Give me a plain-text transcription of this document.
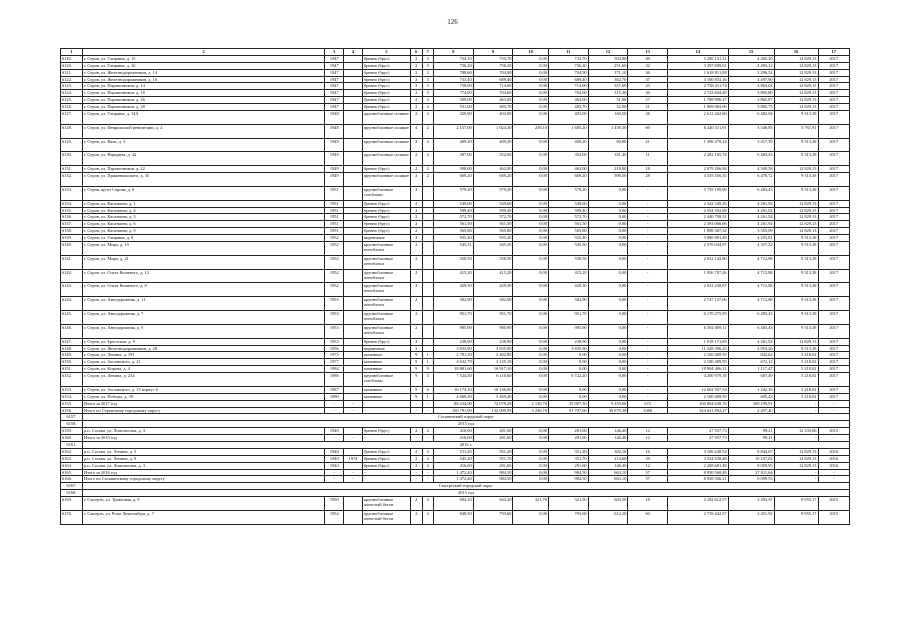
126
1	2	3	4	5	6	7	8	9	10	11	12	13	14	15	16	17
6119.	г. Серов, ул. Гагарина, д. 15	1947		бревно (брус)	2	3	754,10	733,70	0,00	733,70	504,90	49	3 298 131,31	4 495,20	12 829,13	2017
6120.	г. Серов, ул. Гагарина, д. 16	1947		бревно (брус)	2	3	756,20	756,20	0,00	756,20	251,60	32	3 397 699,01	4 493,12	12 829,13	2017
6121.	г. Серов, ул. Железнодорожников, д. 14	1947		бревно (брус)	2	2	788,60	704,90	0,00	704,90	171,10	36	1 618 811,88	2 296,52	12 829,13	2017
6122.	г. Серов, ул. Железнодорожников, д. 16	1947		бревно (брус)	2	3	733,40	689,40	0,00	689,40	362,70	37	3 100 853,16	4 497,90	12 829,13	2017
6123.	г. Серов, ул. Паровозников, д. 14	1947		бревно (брус)	2	3	758,00	714,00	0,00	714,00	357,60	23	2 758 211,74	3 863,04	12 829,13	2017
6124.	г. Серов, ул. Паровозников, д. 18	1947		бревно (брус)	2	3	774,00	704,60	0,00	704,60	315,30	30	2 723 844,48	3 865,80	12 829,13	2017
6125.	г. Серов, ул. Паровозников, д. 26	1947		бревно (брус)	2	2	509,00	463,00	0,00	463,00	51,90	27	1 789 896,27	3 865,87	12 829,13	2017
6126.	г. Серов, ул. Паровозников, д. 28	1947		бревно (брус)	2	2	531,00	483,70	0,00	483,70	52,90	21	1 869 063,06	3 865,75	12 829,13	2017
6127.	г. Серов, ул. Гагарина, д. 14А	1948		крупноблочные силикат	2	2	420,90	403,00	0,00	403,00	160,50	26	2 612 262,66	6 482,04	9 313,38	2017
6128.	г. Серов, ул. Февральской революции, д. 2	1948		крупноблочные силикат	4	2	2 157,00	1 924,30	239,10	1 685,20	1 439,30	60	6 440 311,91	3 346,83	5 767,91	2017
6129.	г. Серов, ул. Вязи, д. 3	1949		крупноблочные силикат	2	2	409,20	409,20	0,00	409,20	60,80	21	1 398 478,24	3 417,59	9 313,38	2017
6130.	г. Серов, ул. Народная, д. 42	1949		крупноблочные силикат	2	2	387,00	352,00	0,00	352,00	351,40	11	2 282 165,74	6 483,43	9 313,38	2017
6131.	г. Серов, ул. Паровозников, д. 22	1949		бревно (брус)	2	2	508,00	462,00	0,00	462,00	218,90	18	2 079 266,94	4 500,58	12 829,13	2017
6132.	г. Серов, ул. Прижевальского, д. 35	1949		крупноблочные силикат	2	2	669,20	669,20	0,00	669,20	590,50	28	4 335 556,35	6 478,72	9 313,38	2017
6133.	г. Серов, пр-кт Серова, д. 6	1951		крупноблочные газоблоки	2		579,20	579,20	0,00	579,20	0,00	-	3 755 199,99	6 483,43	9 313,38	2017
6134.	г. Серов, ул. Касаткина, д. 1	1951		бревно (брус)	2		549,60	549,60	0,00	549,60	0,00	-	2 342 349,26	4 261,92	12 829,13	2017
6135.	г. Серов, ул. Касаткина, д. 4	1951		бревно (брус)	2		599,40	599,40	0,00	599,40	0,00	-	2 554 592,68	4 261,92	12 829,13	2017
6136.	г. Серов, ул. Касаткина, д. 5	1951		бревно (брус)	2		572,70	572,70	0,00	572,70	0,00	-	2 440 798,52	4 261,92	12 829,13	2017
6137.	г. Серов, ул. Касаткина, д. 6	1951		бревно (брус)	2		561,50	561,50	0,00	561,50	0,00	-	2 393 066,06	4 261,92	12 829,13	2017
6138.	г. Серов, ул. Касаткина, д. 9	1951		бревно (брус)	2		565,80	565,80	0,00	565,80	0,00	-	1 898 307,32	3 355,09	12 829,13	2017
6139.	г. Серов, ул. Гагарина, д. 8	1952		кирпичные	2		935,40	935,40	0,00	935,40	0,00	-	3 980 881,48	4 255,81	9 313,38	2017
6140.	г. Серов, ул. Мира, д. 19	1952		крупноблочные пеноблоки	2		545,31	545,30	0,00	545,30	0,00	-	2 376 044,97	4 357,32	9 313,38	2017
6141.	г. Серов, ул. Мира, д. 21	1952		крупноблочные пеноблоки	2		558,50	558,50	0,00	558,50	0,00	-	2 632 142,80	4 712,88	9 313,38	2017
6142.	г. Серов, ул. Олега Кошевого, д. 12	1952		крупноблочные пеноблоки	2		415,20	415,20	0,00	415,20	0,00	-	1 956 787,26	4 712,88	9 313,38	2017
6143.	г. Серов, ул. Олега Кошевого, д. 8	1952		крупноблочные пеноблоки	2		429,30	429,30	0,00	429,30	0,00	-	2 023 238,87	4 712,88	9 313,38	2017
6144.	г. Серов, ул. Автодорожная, д. 11	1953		крупноблочные пеноблоки	2		582,90	582,90	0,00	582,90	0,00	-	2 747 137,06	4 712,88	9 313,38	2017
6145.	г. Серов, ул. Автодорожная, д. 7	1953		крупноблочные пеноблоки	2		951,70	951,70	0,00	951,70	0,00	-	6 170 275,95	6 483,43	9 313,38	2017
6146.	г. Серов, ул. Автодорожная, д. 9	1953		крупноблочные пеноблоки	2		985,90	985,90	0,00	985,90	0,00	-	6 392 009,11	6 483,43	9 313,38	2017
6147.	г. Серов, ул. Брестская, д. 9	1953		бревно (брус)	2		238,90	238,90	0,00	238,90	0,00	-	1 018 171,85	4 261,92	12 829,13	2017
6148.	г. Серов, ул. Железнодорожников, д. 28	1956		кирпичные	3		3 835,90	3 835,90	0,00	3 835,90	0,00	-	11 328 396,25	2 953,26	9 313,38	2017
6149.	г. Серов, ул. Ленина, д. 191	1973		каменные	9	1	2 781,50	2 492,80	0,00	0,00	0,00	-	2 100 489,59	842,62	5 218,02	2017
6150.	г. Серов, ул. Заславского, д. 21	1977		каменные	9	1	4 632,79	3 125,19	0,00	0,00	0,00	-	2 100 489,59	672,12	5 218,02	2017
6151.	г. Серов, ул. Кирова, д. 4	1984		каменные	9	9	18 881,60	16 917,10	0,00	0,00	0,00	-	18 904 406,31	1 117,47	5 218,02	2017
6152.	г. Серов, ул. Ленина, д. 234	1986		крупноблочные газоблоки	9	3	7 524,30	6 110,60	0,00	6 722,20	0,00	-	4 200 979,18	687,49	5 218,02	2017
6153.	г. Серов, ул. Заславского, д. 15 корпус 6	1987		каменные	9	6	16 174,10	10 146,00	0,00	0,00	0,00	-	12 602 937,54	1 242,16	5 218,02	2017
6154.	г. Серов, ул. Победы, д. 39	1990		каменные	9	1	4 669,30	3 469,40	0,00	0,00	0,00	-	2 100 489,59	605,43	5 218,02	2017
6155.	Итого за 2017 год	-	-	-	-	-	86 234,00	72 079,29	2 130,70	35 907,30	9 459,60	672	160 804 638,76	169 199,91	-	-
6156.	Итого по Серовскому городскому округу	-	-	-	-	-	150 791,90	132 099,99	3 246,70	91 707,60	39 879,30	3380	324 621 892,27	2 457,40	-	-
6157.	Сосьвинский городской округ															
6158.	2015 год															
6159.	р.п. Сосьва, ул. Ломоносова, д. 3	1940		бревно (брус)	2	2	416,00	281,60	0,00	281,60	146,40	12	27 937,73	99,21	12 335,06	2015
6160.	Итого за 2015 год	-	-	-	-	-	416,00	281,60	0,00	281,60	146,40	12	27 937,73	99,21	-	-
6161.	2016 г.															
6162.	р.п. Сосьва, ул. Ленина, д. 5	1940		бревно (брус)	2	2	511,20	351,20	0,00	351,20	302,10	16	3 106 248,52	8 844,67	12 829,13	2016
6163.	р.п. Сосьва, ул. Ленина, д. 9	1940	1974	бревно (брус)	2	2	545,20	351,70	0,00	351,70	214,60	29	3 554 638,48	10 107,02	12 829,13	2016
6164.	р.п. Сосьва, ул. Ломоносова, д. 3	1940		бревно (брус)	2	2	416,00	281,60	0,00	281,60	146,40	12	2 269 681,48	8 059,95	12 829,13	2016
6165.	Итого за 2016 год	-	-	-	-	-	1 472,40	984,50	0,00	984,50	663,10	57	8 930 568,48	27 011,64	-	-
6166.	Итого по Сосьвинскому городскому округу	-	-	-	-	-	1 472,40	984,50	0,00	984,50	663,10	57	8 958 506,21	9 099,55	-	-
6167.	Сысертский городской округ															
6168.	2015 год															
6169.	г. Сысерть, ул. Трактовая, д. 9	1950		крупноблочные ячеистый бетон	2	2	694,10	643,20	321,70	321,50	603,50	18	2 182 612,57	3 393,37	8 955,17	2015
6170.	г. Сысерть, ул. Розы Люксембург, д. 7	1954		крупноблочные ячеистый бетон	2	2	848,50	793,60	0,00	793,60	612,20	60	2 739 442,57	3 451,92	8 955,17	2015
